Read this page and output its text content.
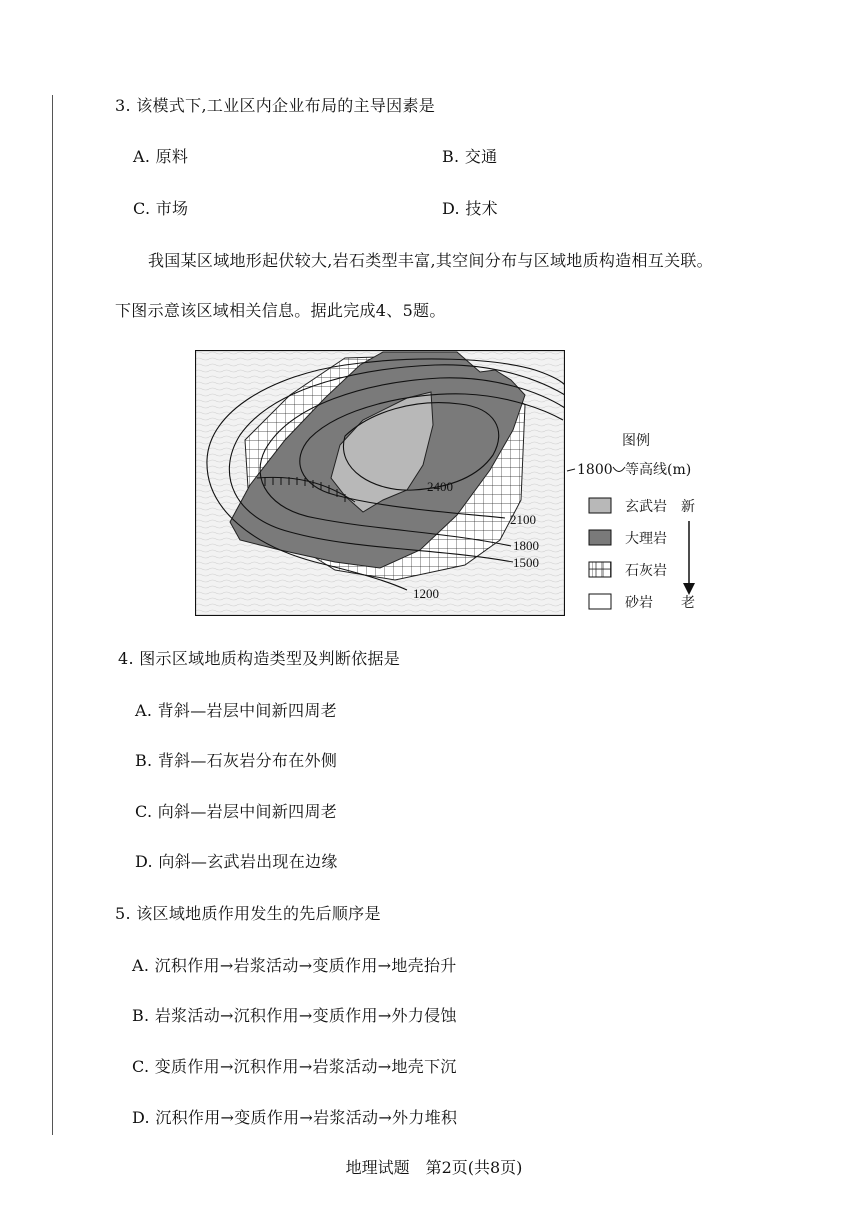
3. 该模式下,工业区内企业布局的主导因素是
A. 原料	B. 交通
C. 市场	D. 技术
我国某区域地形起伏较大,岩石类型丰富,其空间分布与区域地质构造相互关联。
下图示意该区域相关信息。据此完成4、5题。
2400
2100
1800
1500
1200
图例
1800 等高线(m)
玄武岩
大理岩
石灰岩
砂岩
新
老
4. 图示区域地质构造类型及判断依据是
A. 背斜—岩层中间新四周老
B. 背斜—石灰岩分布在外侧
C. 向斜—岩层中间新四周老
D. 向斜—玄武岩出现在边缘
5. 该区域地质作用发生的先后顺序是
A. 沉积作用→岩浆活动→变质作用→地壳抬升
B. 岩浆活动→沉积作用→变质作用→外力侵蚀
C. 变质作用→沉积作用→岩浆活动→地壳下沉
D. 沉积作用→变质作用→岩浆活动→外力堆积
地理试题　第2页(共8页)
